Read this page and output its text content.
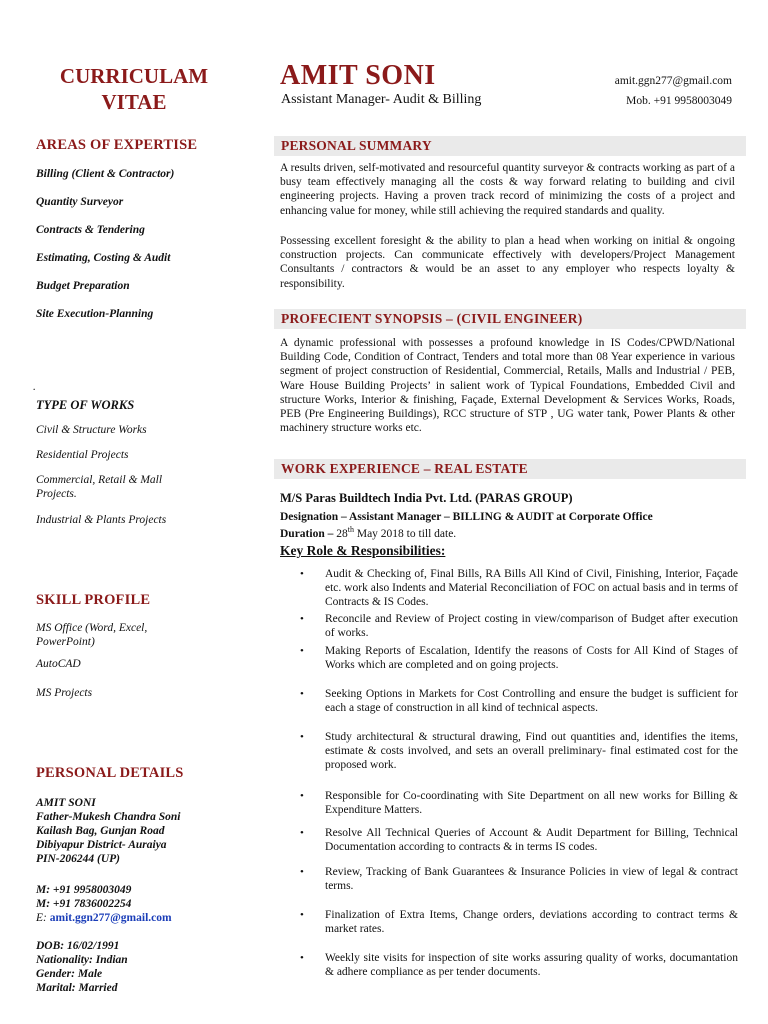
CURRICULAM
VITAE
AREAS OF EXPERTISE
Billing (Client & Contractor)
Quantity Surveyor
Contracts & Tendering
Estimating, Costing & Audit
Budget Preparation
Site Execution-Planning
.
TYPE OF WORKS
Civil & Structure Works
Residential Projects
Commercial, Retail & Mall Projects.
Industrial & Plants Projects
SKILL PROFILE
MS Office (Word, Excel, PowerPoint)
AutoCAD
MS Projects
PERSONAL DETAILS
AMIT SONI
Father-Mukesh Chandra Soni
Kailash Bag, Gunjan Road
Dibiyapur District- Auraiya
PIN-206244 (UP)
M: +91 9958003049
M: +91 7836002254
E: amit.ggn277@gmail.com
DOB: 16/02/1991
Nationality: Indian
Gender: Male
Marital: Married
AMIT SONI
Assistant Manager- Audit & Billing
amit.ggn277@gmail.com
Mob. +91 9958003049
PERSONAL SUMMARY
A results driven, self-motivated and resourceful quantity surveyor & contracts working as part of a busy team effectively managing all the costs & way forward relating to building and civil engineering projects. Having a proven track record of minimizing the costs of a project and enhancing value for money, while still achieving the required standards and quality.
Possessing excellent foresight & the ability to plan a head when working on initial & ongoing construction projects. Can communicate effectively with developers/Project Management Consultants / contractors & would be an asset to any employer who respects loyalty & responsibility.
PROFECIENT SYNOPSIS – (CIVIL ENGINEER)
A dynamic professional with possesses a profound knowledge in IS Codes/CPWD/National Building Code, Condition of Contract, Tenders and total more than 08 Year experience in various segment of project construction of Residential, Commercial, Retails, Malls and Industrial / PEB, Ware House Building Projects’ in salient work of Typical Foundations, Embedded Civil and structure Works, Interior & finishing, Façade, External Development & Services Works, Roads, PEB (Pre Engineering Buildings), RCC structure of STP , UG water tank, Power Plants & other machinery structure works etc.
WORK EXPERIENCE – REAL ESTATE
M/S Paras Buildtech India Pvt. Ltd. (PARAS GROUP)
Designation – Assistant Manager – BILLING & AUDIT at Corporate Office
Duration – 28th May 2018 to till date.
Key Role & Responsibilities:
• Audit & Checking of, Final Bills, RA Bills All Kind of Civil, Finishing, Interior, Façade etc. work also Indents and Material Reconciliation of FOC on actual basis and in terms of Contracts & IS Codes.
• Reconcile and Review of Project costing in view/comparison of Budget after execution of works.
• Making Reports of Escalation, Identify the reasons of Costs for All Kind of Stages of Works which are completed and on going projects.
• Seeking Options in Markets for Cost Controlling and ensure the budget is sufficient for each a stage of construction in all kind of technical aspects.
• Study architectural & structural drawing, Find out quantities and, identifies the items, estimate & costs involved, and sets an overall preliminary- final estimated cost for the proposed work.
• Responsible for Co-coordinating with Site Department on all new works for Billing & Expenditure Matters.
• Resolve All Technical Queries of Account & Audit Department for Billing, Technical Documentation according to contracts & in terms IS codes.
• Review, Tracking of Bank Guarantees & Insurance Policies in view of legal & contract terms.
• Finalization of Extra Items, Change orders, deviations according to contract terms & market rates.
• Weekly site visits for inspection of site works assuring quality of works, documantation & adhere compliance as per tender documents.
